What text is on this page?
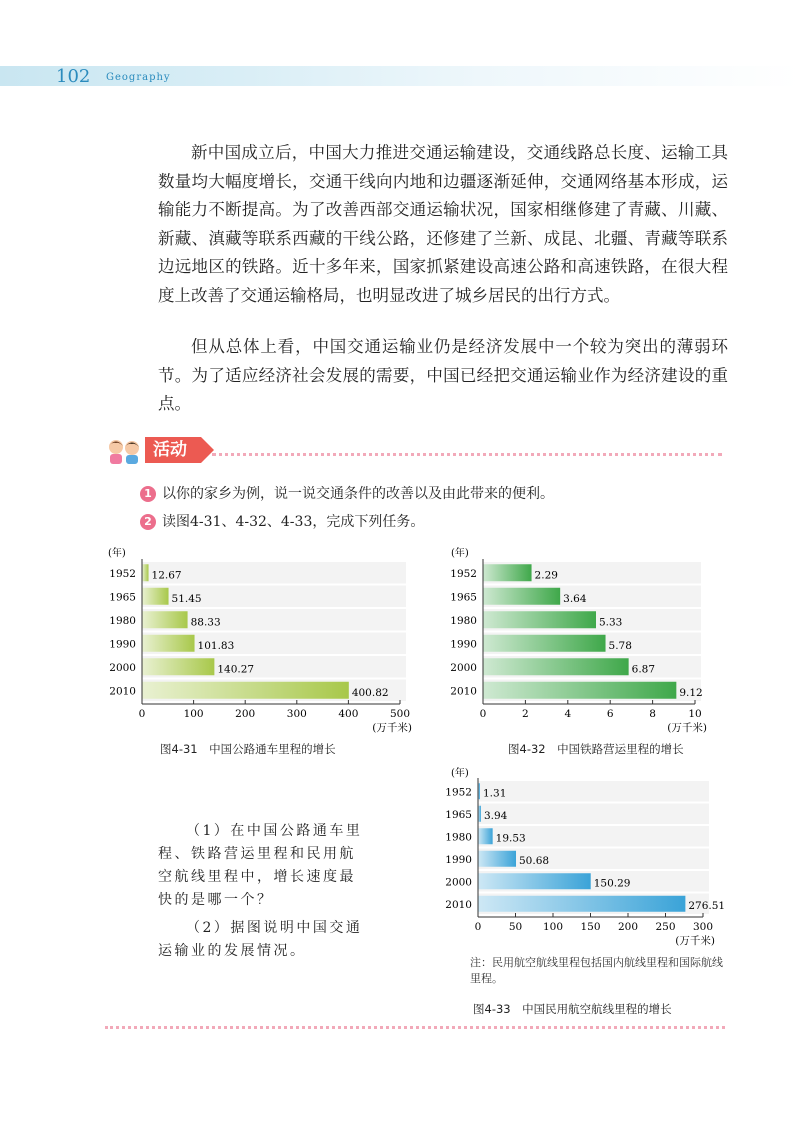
102 Geography

新中国成立后，中国大力推进交通运输建设，交通线路总长度、运输工具数量均大幅度增长，交通干线向内地和边疆逐渐延伸，交通网络基本形成，运输能力不断提高。为了改善西部交通运输状况，国家相继修建了青藏、川藏、新藏、滇藏等联系西藏的干线公路，还修建了兰新、成昆、北疆、青藏等联系边远地区的铁路。近十多年来，国家抓紧建设高速公路和高速铁路，在很大程度上改善了交通运输格局，也明显改进了城乡居民的出行方式。

但从总体上看，中国交通运输业仍是经济发展中一个较为突出的薄弱环节。为了适应经济社会发展的需要，中国已经把交通运输业作为经济建设的重点。

活动
1 以你的家乡为例，说一说交通条件的改善以及由此带来的便利。
2 读图4-31、4-32、4-33，完成下列任务。
(年)
1952 12.67
1965	51.45
1980	88.33
1990	101.83
2000	140.27
2010	400.82
0	100	200	300	400	500
(万千米)
(年)
1952	2.29
1965	3.64
1980	5.33
1990	5.78
2000	6.87
2010	9.12
0	2	4	6	8	10
(万千米)
(年)
1952 1.31
1965 3.94
1980 19.53
1990	50.68
2000	150.29
2010	276.51
0	50 100 150 200 250 300
(万千米)
图4-31　中国公路通车里程的增长	图4-32　中国铁路营运里程的增长
图4-33　中国民用航空航线里程的增长

（1）在中国公路通车里程、铁路营运里程和民用航空航线里程中，增长速度最快的是哪一个？

（2）据图说明中国交通运输业的发展情况。

注：民用航空航线里程包括国内航线里程和国际航线里程。
